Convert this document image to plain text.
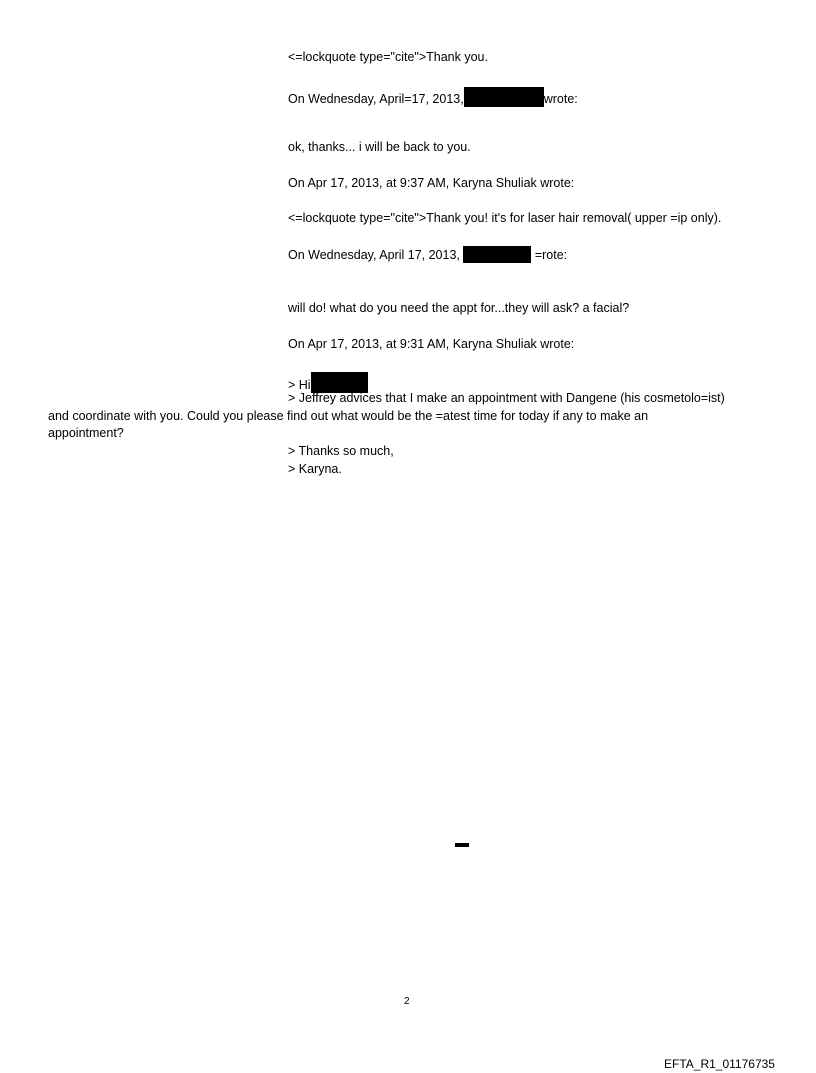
<=lockquote type="cite">Thank you.
On Wednesday, April=17, 2013,	wrote:
ok, thanks... i will be back to you.
On Apr 17, 2013, at 9:37 AM, Karyna Shuliak wrote:
<=lockquote type="cite">Thank you! it's for laser hair removal( upper =ip only).
On Wednesday, April 17, 2013,	=rote:
will do! what do you need the appt for...they will ask? a facial?
On Apr 17, 2013, at 9:31 AM, Karyna Shuliak wrote:
> Hi
> Jeffrey advices that I make an appointment with Dangene (his cosmetolo=ist)
and coordinate with you. Could you please find out what would be the =atest time for today if any to make an
appointment?
> Thanks so much,
> Karyna.
2
EFTA_R1_01176735
